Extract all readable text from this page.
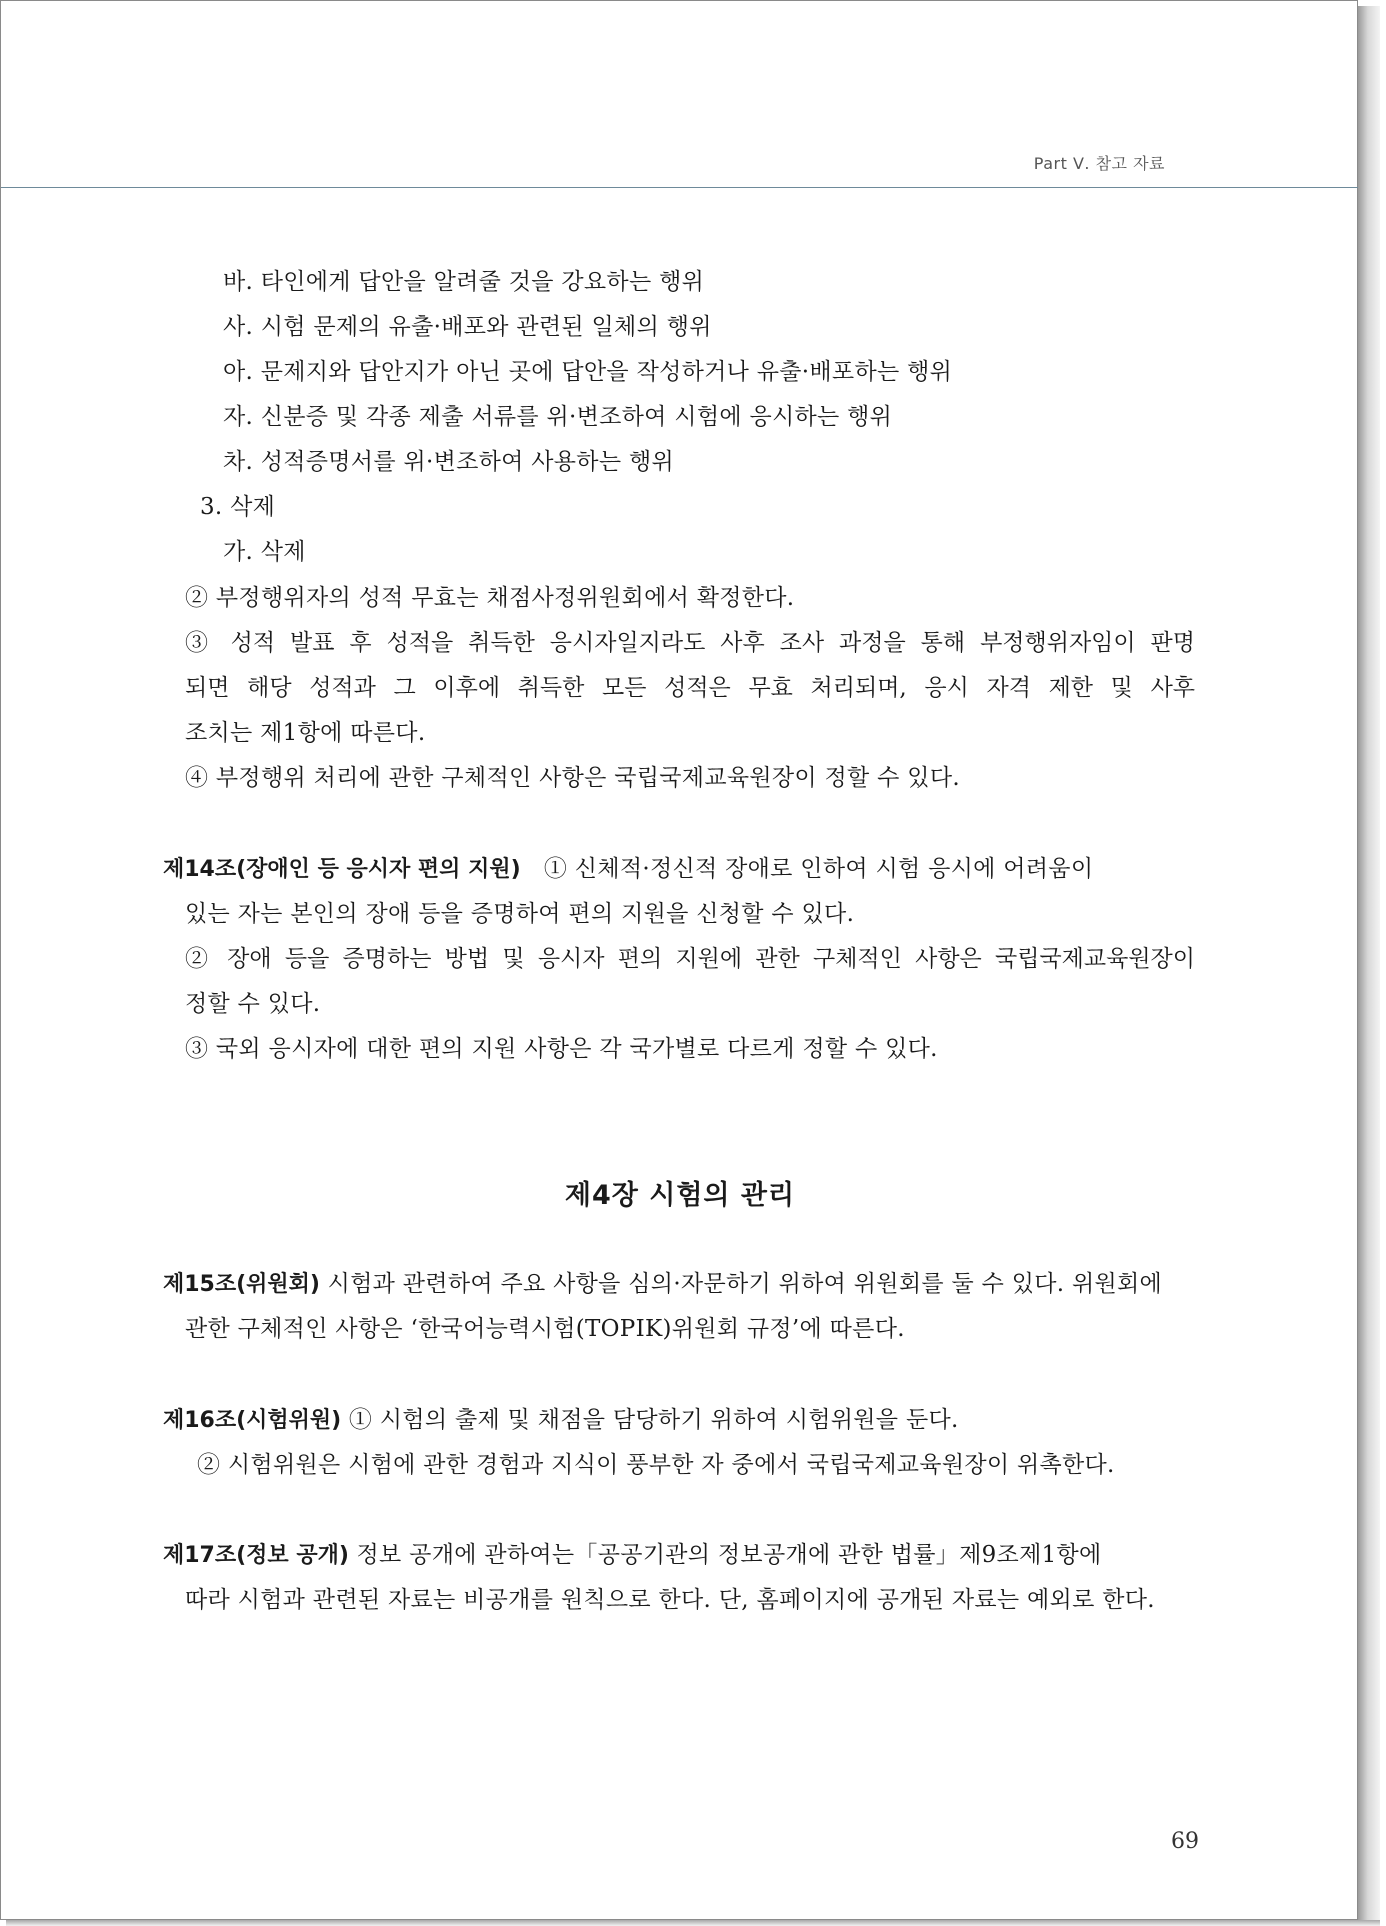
Part Ⅴ. 참고 자료
바. 타인에게 답안을 알려줄 것을 강요하는 행위
사. 시험 문제의 유출·배포와 관련된 일체의 행위
아. 문제지와 답안지가 아닌 곳에 답안을 작성하거나 유출·배포하는 행위
자. 신분증 및 각종 제출 서류를 위·변조하여 시험에 응시하는 행위
차. 성적증명서를 위·변조하여 사용하는 행위
3. 삭제
가. 삭제
② 부정행위자의 성적 무효는 채점사정위원회에서 확정한다.
③ 성적 발표 후 성적을 취득한 응시자일지라도 사후 조사 과정을 통해 부정행위자임이 판명
되면 해당 성적과 그 이후에 취득한 모든 성적은 무효 처리되며, 응시 자격 제한 및 사후
조치는 제1항에 따른다.
④ 부정행위 처리에 관한 구체적인 사항은 국립국제교육원장이 정할 수 있다.
제14조(장애인 등 응시자 편의 지원) ① 신체적·정신적 장애로 인하여 시험 응시에 어려움이
있는 자는 본인의 장애 등을 증명하여 편의 지원을 신청할 수 있다.
② 장애 등을 증명하는 방법 및 응시자 편의 지원에 관한 구체적인 사항은 국립국제교육원장이
정할 수 있다.
③ 국외 응시자에 대한 편의 지원 사항은 각 국가별로 다르게 정할 수 있다.
제4장 시험의 관리
제15조(위원회) 시험과 관련하여 주요 사항을 심의·자문하기 위하여 위원회를 둘 수 있다. 위원회에
관한 구체적인 사항은 ‘한국어능력시험(TOPIK)위원회 규정’에 따른다.
제16조(시험위원) ① 시험의 출제 및 채점을 담당하기 위하여 시험위원을 둔다.
② 시험위원은 시험에 관한 경험과 지식이 풍부한 자 중에서 국립국제교육원장이 위촉한다.
제17조(정보 공개) 정보 공개에 관하여는「공공기관의 정보공개에 관한 법률」제9조제1항에
따라 시험과 관련된 자료는 비공개를 원칙으로 한다. 단, 홈페이지에 공개된 자료는 예외로 한다.
69
